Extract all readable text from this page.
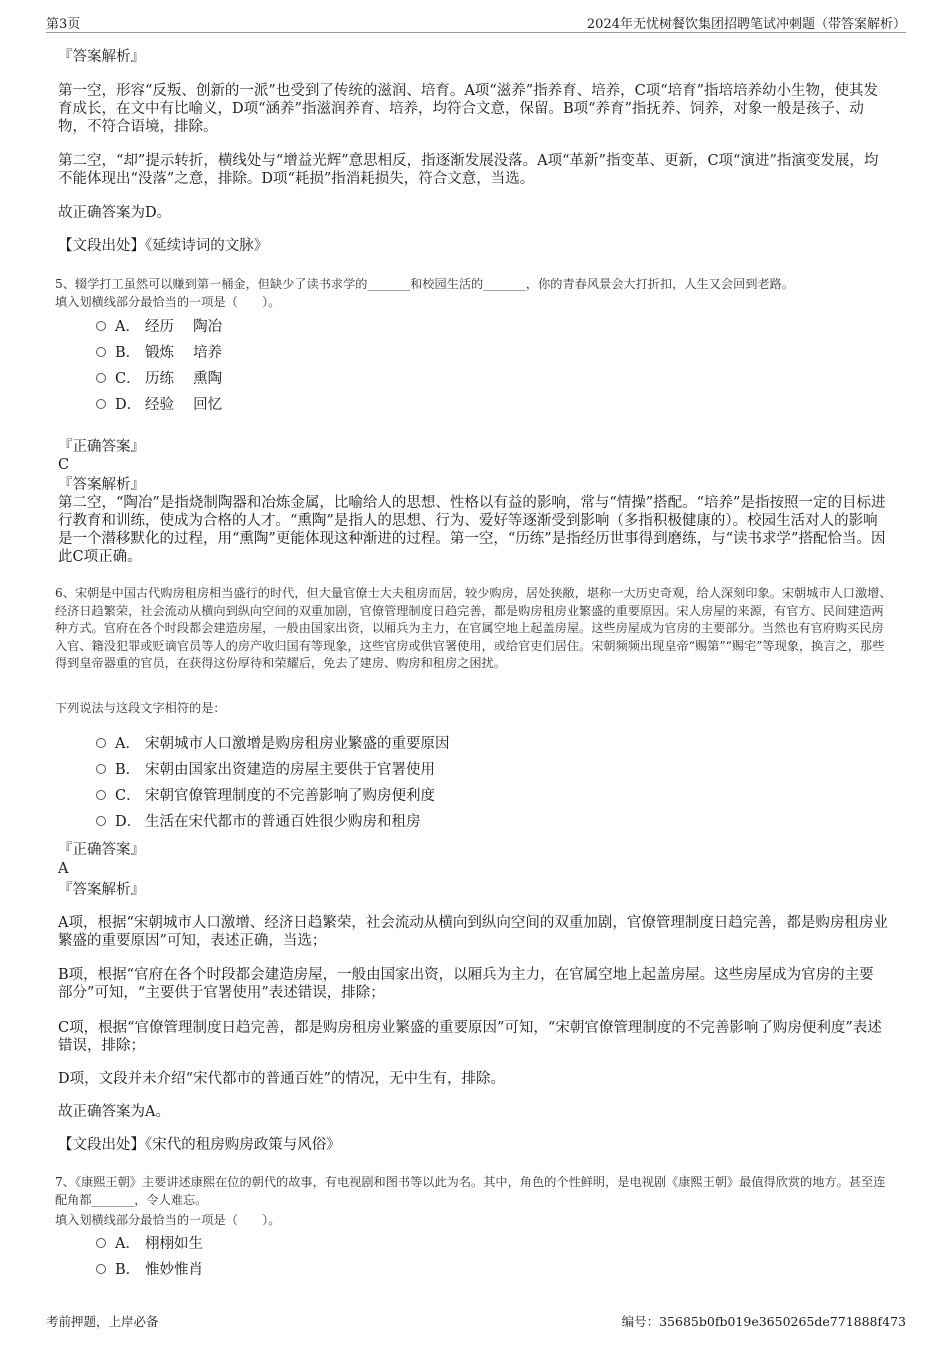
第3页	2024年无忧树餐饮集团招聘笔试冲刺题（带答案解析）
『答案解析』
第一空，形容“反叛、创新的一派”也受到了传统的滋润、培育。A项“滋养”指养育、培养，C项“培育”指培培养幼小生物，使其发育成长，在文中有比喻义，D项“涵养”指滋润养育、培养，均符合文意，保留。B项“养育”指抚养、饲养，对象一般是孩子、动物，不符合语境，排除。
第二空，“却”提示转折，横线处与“增益光辉”意思相反，指逐渐发展没落。A项“革新”指变革、更新，C项“演进”指演变发展，均不能体现出“没落”之意，排除。D项“耗损”指消耗损失，符合文意，当选。
故正确答案为D。
【文段出处】《延续诗词的文脉》
5、辍学打工虽然可以赚到第一桶金，但缺少了读书求学的_______和校园生活的_______，你的青春风景会大打折扣，人生又会回到老路。
填入划横线部分最恰当的一项是（　　）。
A． 经历　 陶冶
B． 锻炼　 培养
C． 历练　 熏陶
D． 经验　 回忆
『正确答案』
C
『答案解析』
第二空，“陶冶”是指烧制陶器和冶炼金属，比喻给人的思想、性格以有益的影响，常与“情操”搭配。“培养”是指按照一定的目标进行教育和训练，使成为合格的人才。“熏陶”是指人的思想、行为、爱好等逐渐受到影响（多指积极健康的）。校园生活对人的影响是一个潜移默化的过程，用“熏陶”更能体现这种渐进的过程。第一空，“历练”是指经历世事得到磨练，与“读书求学”搭配恰当。因此C项正确。
6、宋朝是中国古代购房租房相当盛行的时代，但大量官僚士大夫租房而居，较少购房，居处狭敝，堪称一大历史奇观，给人深刻印象。宋朝城市人口激增、经济日趋繁荣，社会流动从横向到纵向空间的双重加剧，官僚管理制度日趋完善，都是购房租房业繁盛的重要原因。宋人房屋的来源，有官方、民间建造两种方式。官府在各个时段都会建造房屋，一般由国家出资，以厢兵为主力，在官属空地上起盖房屋。这些房屋成为官房的主要部分。当然也有官府购买民房入官、籍没犯罪或贬谪官员等人的房产收归国有等现象，这些官房或供官署使用，或给官吏们居住。宋朝频频出现皇帝“赐第”“赐宅”等现象，换言之，那些得到皇帝器重的官员，在获得这份厚待和荣耀后，免去了建房、购房和租房之困扰。
下列说法与这段文字相符的是：
A． 宋朝城市人口激增是购房租房业繁盛的重要原因
B． 宋朝由国家出资建造的房屋主要供于官署使用
C． 宋朝官僚管理制度的不完善影响了购房便利度
D． 生活在宋代都市的普通百姓很少购房和租房
『正确答案』
A
『答案解析』
A项，根据“宋朝城市人口激增、经济日趋繁荣，社会流动从横向到纵向空间的双重加剧，官僚管理制度日趋完善，都是购房租房业繁盛的重要原因”可知，表述正确，当选；
B项，根据“官府在各个时段都会建造房屋，一般由国家出资，以厢兵为主力，在官属空地上起盖房屋。这些房屋成为官房的主要部分”可知，“主要供于官署使用”表述错误，排除；
C项，根据“官僚管理制度日趋完善，都是购房租房业繁盛的重要原因”可知，“宋朝官僚管理制度的不完善影响了购房便利度”表述错误，排除；
D项，文段并未介绍“宋代都市的普通百姓”的情况，无中生有，排除。
故正确答案为A。
【文段出处】《宋代的租房购房政策与风俗》
7、《康熙王朝》主要讲述康熙在位的朝代的故事，有电视剧和图书等以此为名。其中，角色的个性鲜明，是电视剧《康熙王朝》最值得欣赏的地方。甚至连配角都_______，令人难忘。
填入划横线部分最恰当的一项是（　　）。
A． 栩栩如生
B． 惟妙惟肖
考前押题，上岸必备	编号：35685b0fb019e3650265de771888f473
